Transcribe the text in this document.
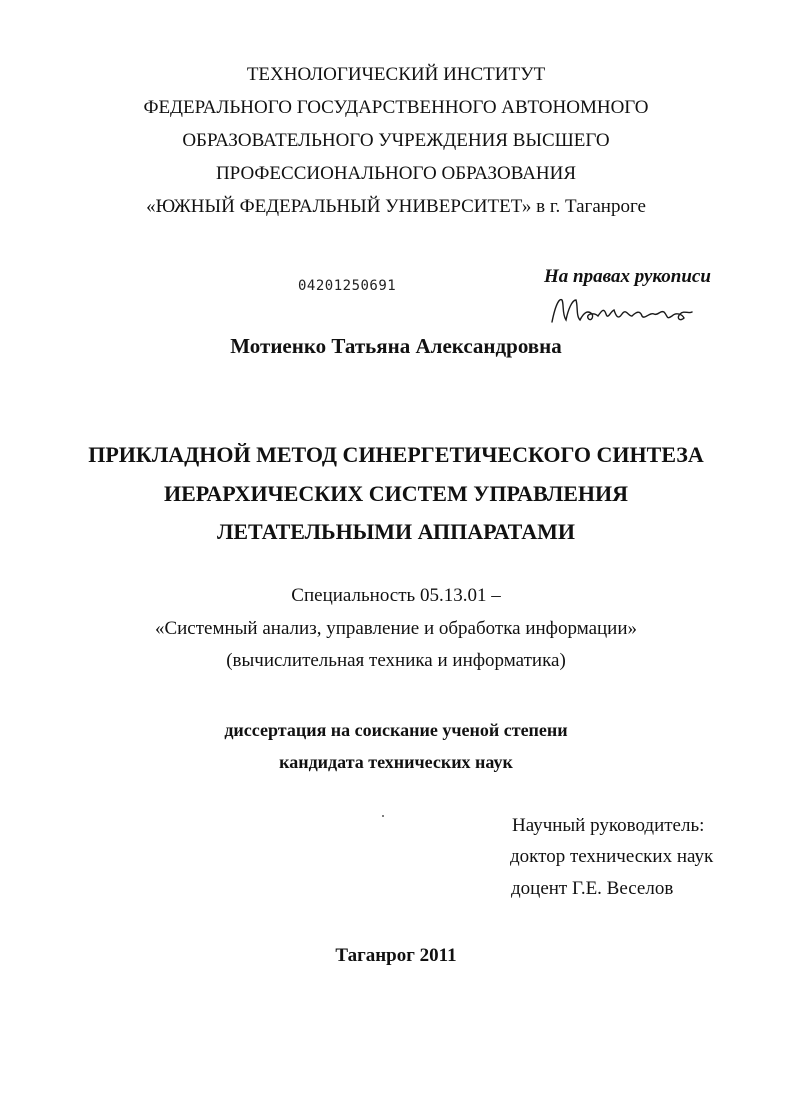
ТЕХНОЛОГИЧЕСКИЙ ИНСТИТУТ
ФЕДЕРАЛЬНОГО ГОСУДАРСТВЕННОГО АВТОНОМНОГО
ОБРАЗОВАТЕЛЬНОГО УЧРЕЖДЕНИЯ ВЫСШЕГО
ПРОФЕССИОНАЛЬНОГО ОБРАЗОВАНИЯ
«ЮЖНЫЙ ФЕДЕРАЛЬНЫЙ УНИВЕРСИТЕТ» в г. Таганроге
04201250691	На правах рукописи
Мотиенко Татьяна Александровна
ПРИКЛАДНОЙ МЕТОД СИНЕРГЕТИЧЕСКОГО СИНТЕЗА
ИЕРАРХИЧЕСКИХ СИСТЕМ УПРАВЛЕНИЯ
ЛЕТАТЕЛЬНЫМИ АППАРАТАМИ
Специальность 05.13.01 –
«Системный анализ, управление и обработка информации»
(вычислительная техника и информатика)
диссертация на соискание ученой степени
кандидата технических наук
Научный руководитель:
доктор технических наук
доцент Г.Е. Веселов
Таганрог 2011
